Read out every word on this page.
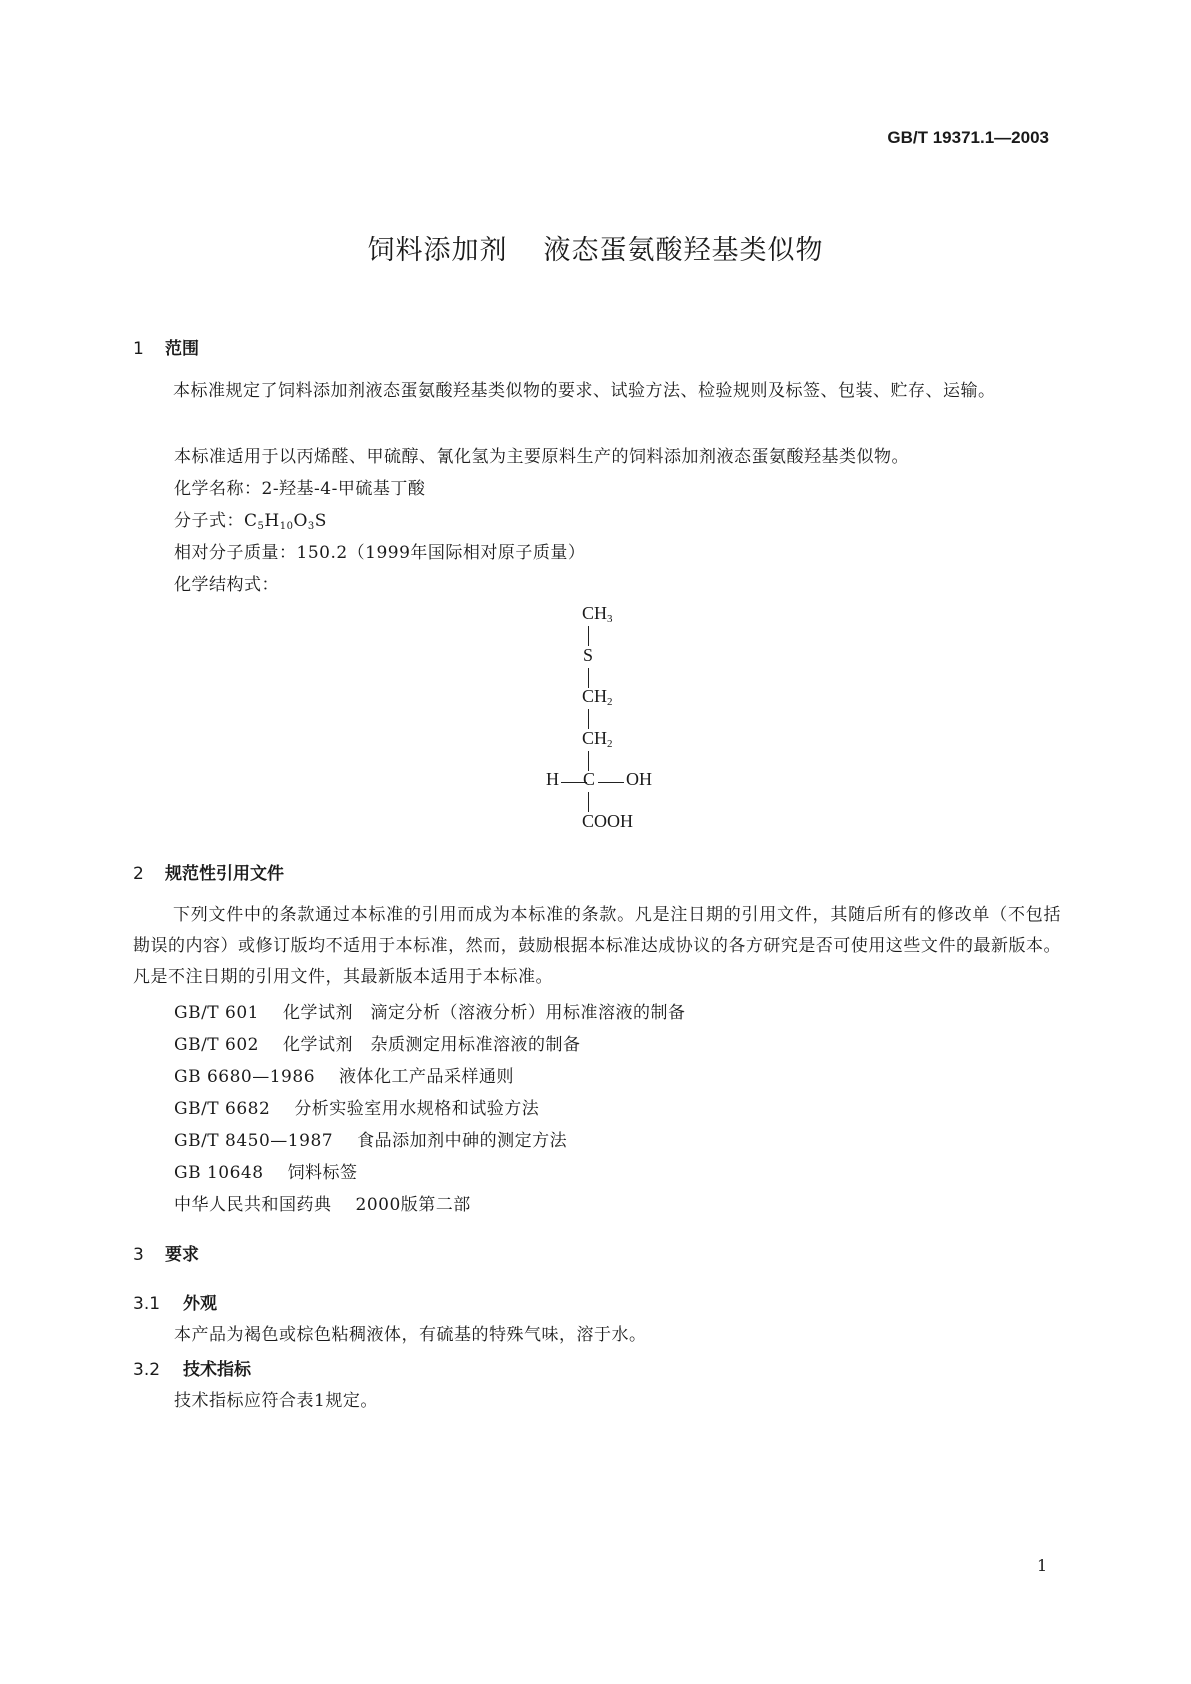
GB/T 19371.1—2003
饲料添加剂 液态蛋氨酸羟基类似物
1 范围
本标准规定了饲料添加剂液态蛋氨酸羟基类似物的要求、试验方法、检验规则及标签、包装、贮存、运输。
本标准适用于以丙烯醛、甲硫醇、氰化氢为主要原料生产的饲料添加剂液态蛋氨酸羟基类似物。
化学名称：2-羟基-4-甲硫基丁酸
分子式：$C_5H_{10}O_3S$
相对分子质量：150.2（1999年国际相对原子质量）
化学结构式：
CH3
S
CH2
CH2
H C OH
COOH
2 规范性引用文件
下列文件中的条款通过本标准的引用而成为本标准的条款。凡是注日期的引用文件，其随后所有的修改单（不包括勘误的内容）或修订版均不适用于本标准，然而，鼓励根据本标准达成协议的各方研究是否可使用这些文件的最新版本。凡是不注日期的引用文件，其最新版本适用于本标准。
GB/T 601 化学试剂　滴定分析（溶液分析）用标准溶液的制备
GB/T 602 化学试剂　杂质测定用标准溶液的制备
GB 6680—1986 液体化工产品采样通则
GB/T 6682 分析实验室用水规格和试验方法
GB/T 8450—1987 食品添加剂中砷的测定方法
GB 10648 饲料标签
中华人民共和国药典 2000版第二部
3 要求
3.1 外观
本产品为褐色或棕色粘稠液体，有硫基的特殊气味，溶于水。
3.2 技术指标
技术指标应符合表1规定。
1
